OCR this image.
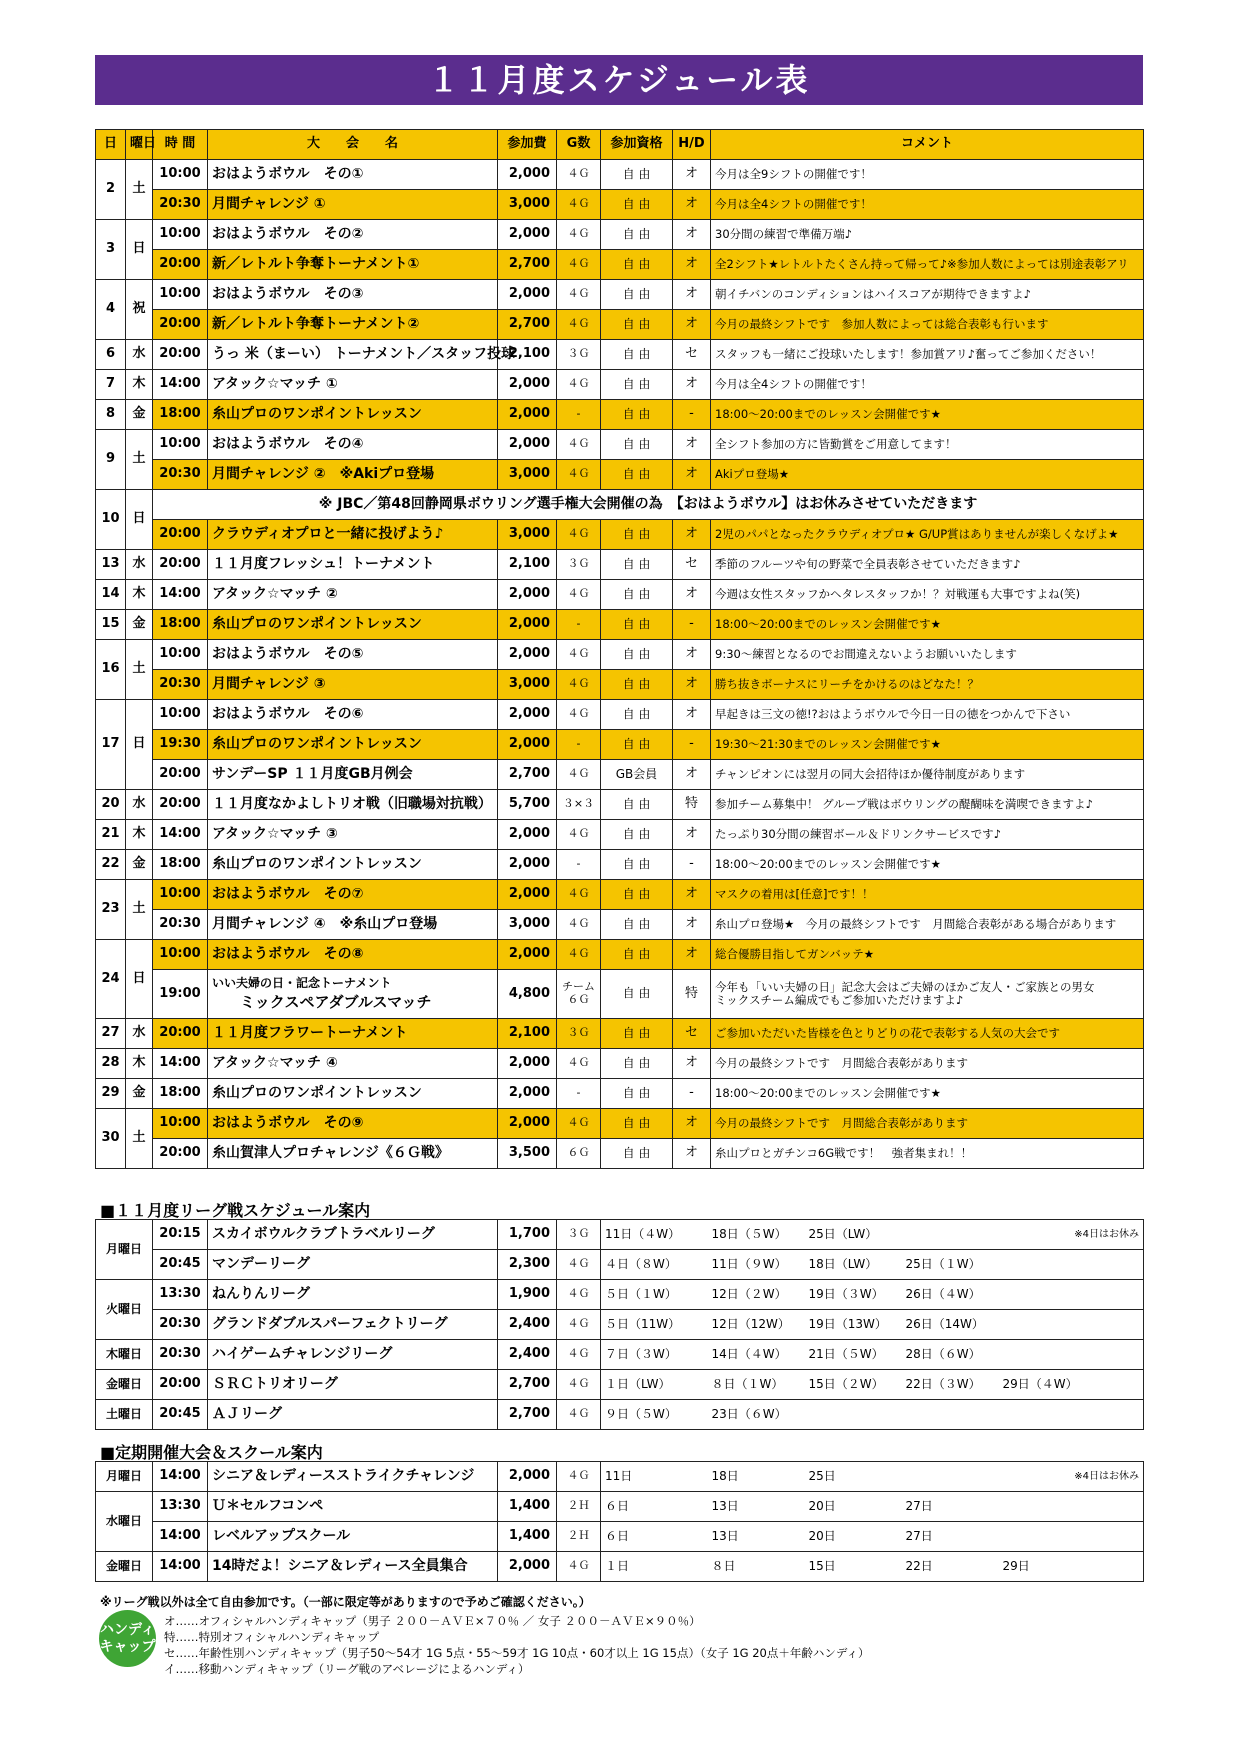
１１月度スケジュール表
日	曜日	時 間	大　　会　　名	参加費	G数	参加資格	H/D	コメント
2	土	10:00	おはようボウル　その①	2,000	４Ｇ	自 由	オ	今月は全9シフトの開催です！
		20:30	月間チャレンジ ①	3,000	４Ｇ	自 由	オ	今月は全4シフトの開催です！
3	日	10:00	おはようボウル　その②	2,000	４Ｇ	自 由	オ	30分間の練習で準備万端♪
		20:00	新／レトルト争奪トーナメント①	2,700	４Ｇ	自 由	オ	全2シフト★レトルトたくさん持って帰って♪※参加人数によっては別途表彰アリ
4	祝	10:00	おはようボウル　その③	2,000	４Ｇ	自 由	オ	朝イチバンのコンディションはハイスコアが期待できますよ♪
		20:00	新／レトルト争奪トーナメント②	2,700	４Ｇ	自 由	オ	今月の最終シフトです　参加人数によっては総合表彰も行います
6	水	20:00	うっ 米（まーい） トーナメント／スタッフ投球	2,100	３Ｇ	自 由	セ	スタッフも一緒にご投球いたします！参加賞アリ♪奮ってご参加ください！
7	木	14:00	アタック☆マッチ ①	2,000	４Ｇ	自 由	オ	今月は全4シフトの開催です！
8	金	18:00	糸山プロのワンポイントレッスン	2,000	-	自 由	-	18:00～20:00までのレッスン会開催です★
9	土	10:00	おはようボウル　その④	2,000	４Ｇ	自 由	オ	全シフト参加の方に皆勤賞をご用意してます！
		20:30	月間チャレンジ ②　※Akiプロ登場	3,000	４Ｇ	自 由	オ	Akiプロ登場★
10	日	※ JBC／第48回静岡県ボウリング選手権大会開催の為　【おはようボウル】はお休みさせていただきます						
		20:00	クラウディオプロと一緒に投げよう♪	3,000	４Ｇ	自 由	オ	2児のパパとなったクラウディオプロ★ G/UP賞はありませんが楽しくなげよ★
13	水	20:00	１１月度フレッシュ！トーナメント	2,100	３Ｇ	自 由	セ	季節のフルーツや旬の野菜で全員表彰させていただきます♪
14	木	14:00	アタック☆マッチ ②	2,000	４Ｇ	自 由	オ	今週は女性スタッフかヘタレスタッフか！？対戦運も大事ですよね(笑)
15	金	18:00	糸山プロのワンポイントレッスン	2,000	-	自 由	-	18:00～20:00までのレッスン会開催です★
16	土	10:00	おはようボウル　その⑤	2,000	４Ｇ	自 由	オ	9:30～練習となるのでお間違えないようお願いいたします
		20:30	月間チャレンジ ③	3,000	４Ｇ	自 由	オ	勝ち抜きボーナスにリーチをかけるのはどなた！？
17	日	10:00	おはようボウル　その⑥	2,000	４Ｇ	自 由	オ	早起きは三文の徳!?おはようボウルで今日一日の徳をつかんで下さい
		19:30	糸山プロのワンポイントレッスン	2,000	-	自 由	-	19:30～21:30までのレッスン会開催です★
		20:00	サンデーSP １１月度GB月例会	2,700	４Ｇ	GB会員	オ	チャンピオンには翌月の同大会招待ほか優待制度があります
20	水	20:00	１１月度なかよしトリオ戦（旧職場対抗戦）	5,700	３×３	自 由	特	参加チーム募集中！ グループ戦はボウリングの醍醐味を満喫できますよ♪
21	木	14:00	アタック☆マッチ ③	2,000	４Ｇ	自 由	オ	たっぷり30分間の練習ボール＆ドリンクサービスです♪
22	金	18:00	糸山プロのワンポイントレッスン	2,000	-	自 由	-	18:00～20:00までのレッスン会開催です★
23	土	10:00	おはようボウル　その⑦	2,000	４Ｇ	自 由	オ	マスクの着用は[任意]です！！
		20:30	月間チャレンジ ④　※糸山プロ登場	3,000	４Ｇ	自 由	オ	糸山プロ登場★　今月の最終シフトです　月間総合表彰がある場合があります
24	日	10:00	おはようボウル　その⑧	2,000	４Ｇ	自 由	オ	総合優勝目指してガンバッテ★
		19:00	いい夫婦の日・記念トーナメント
ミックスペアダブルスマッチ	4,800	チーム
６Ｇ	自 由	特	今年も「いい夫婦の日」記念大会はご夫婦のほかご友人・ご家族との男女
ミックスチーム編成でもご参加いただけますよ♪

27	水	20:00	１１月度フラワートーナメント	2,100	３Ｇ	自 由	セ	ご参加いただいた皆様を色とりどりの花で表彰する人気の大会です
28	木	14:00	アタック☆マッチ ④	2,000	４Ｇ	自 由	オ	今月の最終シフトです　月間総合表彰があります
29	金	18:00	糸山プロのワンポイントレッスン	2,000	-	自 由	-	18:00～20:00までのレッスン会開催です★
30	土	10:00	おはようボウル　その⑨	2,000	４Ｇ	自 由	オ	今月の最終シフトです　月間総合表彰があります
		20:00	糸山賀津人プロチャレンジ《６Ｇ戦》	3,500	６Ｇ	自 由	オ	糸山プロとガチンコ6G戦です！　強者集まれ！！
■１１月度リーグ戦スケジュール案内
月曜日	20:15	スカイボウルクラブトラベルリーグ	1,700	３Ｇ	11日（４W）	18日（５W）	25日（LW）			※4日はお休み
	20:45	マンデーリーグ	2,300	４Ｇ	４日（８W）	11日（９W）	18日（LW）	25日（１W）		
火曜日	13:30	ねんりんリーグ	1,900	４Ｇ	５日（１W）	12日（２W）	19日（３W）	26日（４W）		
	20:30	グランドダブルスパーフェクトリーグ	2,400	４Ｇ	５日（11W）	12日（12W）	19日（13W）	26日（14W）		
木曜日	20:30	ハイゲームチャレンジリーグ	2,400	４Ｇ	７日（３W）	14日（４W）	21日（５W）	28日（６W）		
金曜日	20:00	ＳＲＣトリオリーグ	2,700	４Ｇ	１日（LW）	８日（１W）	15日（２W）	22日（３W）	29日（４W）	
土曜日	20:45	ＡＪリーグ	2,700	４Ｇ	９日（５W）	23日（６W）				
■定期開催大会＆スクール案内
月曜日	14:00	シニア＆レディースストライクチャレンジ	2,000	４Ｇ	11日	18日	25日			※4日はお休み
水曜日	13:30	Ｕ＊セルフコンペ	1,400	２Ｈ	６日	13日	20日	27日		
	14:00	レベルアップスクール	1,400	２Ｈ	６日	13日	20日	27日		
金曜日	14:00	14時だよ！シニア＆レディース全員集合	2,000	４Ｇ	１日	８日	15日	22日	29日	
※リーグ戦以外は全て自由参加です。（一部に限定等がありますので予めご確認ください。）
ハンディ
キャップ
オ……オフィシャルハンディキャップ（男子 ２００－ＡＶＥ×７０％ ／ 女子 ２００－ＡＶＥ×９０％）
特……特別オフィシャルハンディキャップ
セ……年齢性別ハンディキャップ（男子50～54才 1G 5点・55～59才 1G 10点・60才以上 1G 15点）（女子 1G 20点＋年齢ハンディ）
イ……移動ハンディキャップ（リーグ戦のアベレージによるハンディ）
